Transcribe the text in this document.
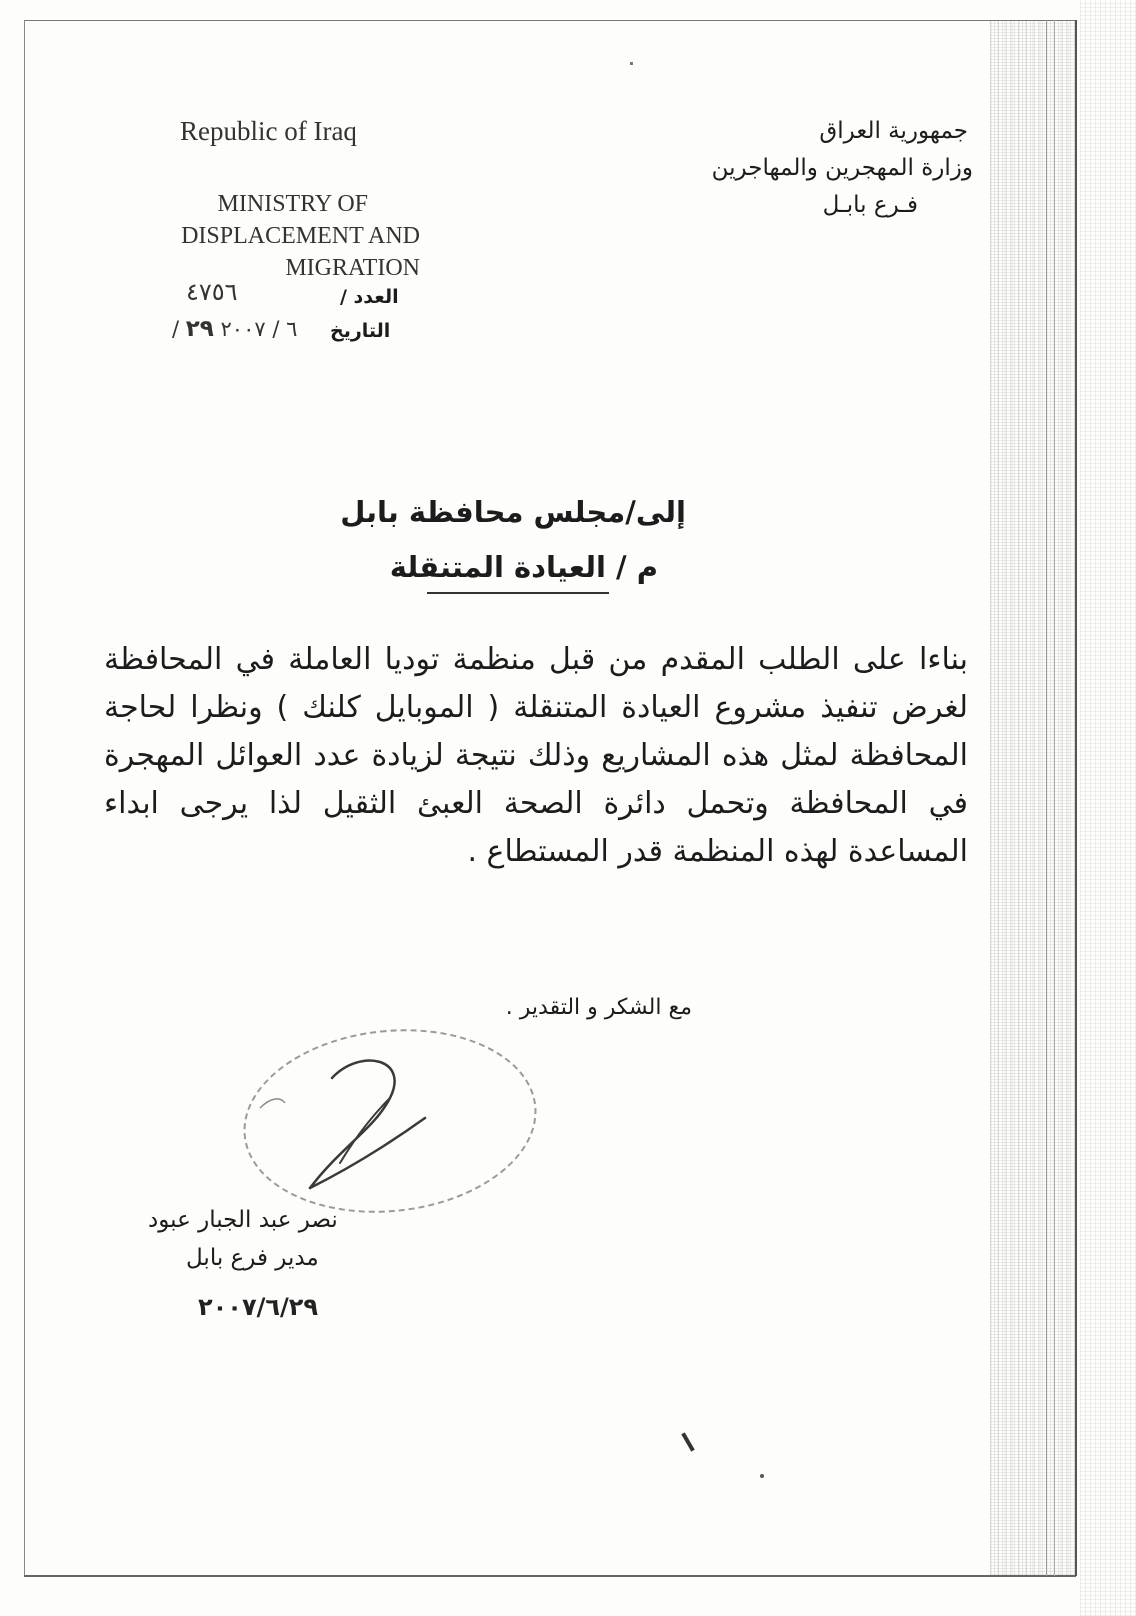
Republic of Iraq
MINISTRY OF
DISPLACEMENT AND
MIGRATION
جمهورية العراق
وزارة المهجرين والمهاجرين
فـرع بابـل
العدد /
٤٧٥٦
التاريخ
/ ٦ / ٢٠٠٧ ٢٩
إلى/مجلس محافظة بابل
م / العيادة المتنقلة
بناءا على الطلب المقدم من قبل منظمة توديا العاملة في المحافظة لغرض تنفيذ مشروع العيادة المتنقلة ( الموبايل كلنك ) ونظرا لحاجة المحافظة لمثل هذه المشاريع وذلك نتيجة لزيادة عدد العوائل المهجرة في المحافظة وتحمل دائرة الصحة العبئ الثقيل لذا يرجى ابداء المساعدة لهذه المنظمة قدر المستطاع .
مع الشكر و التقدير .
نصر عبد الجبار عبود
مدير فرع بابل
٢٠٠٧/٦/٢٩
